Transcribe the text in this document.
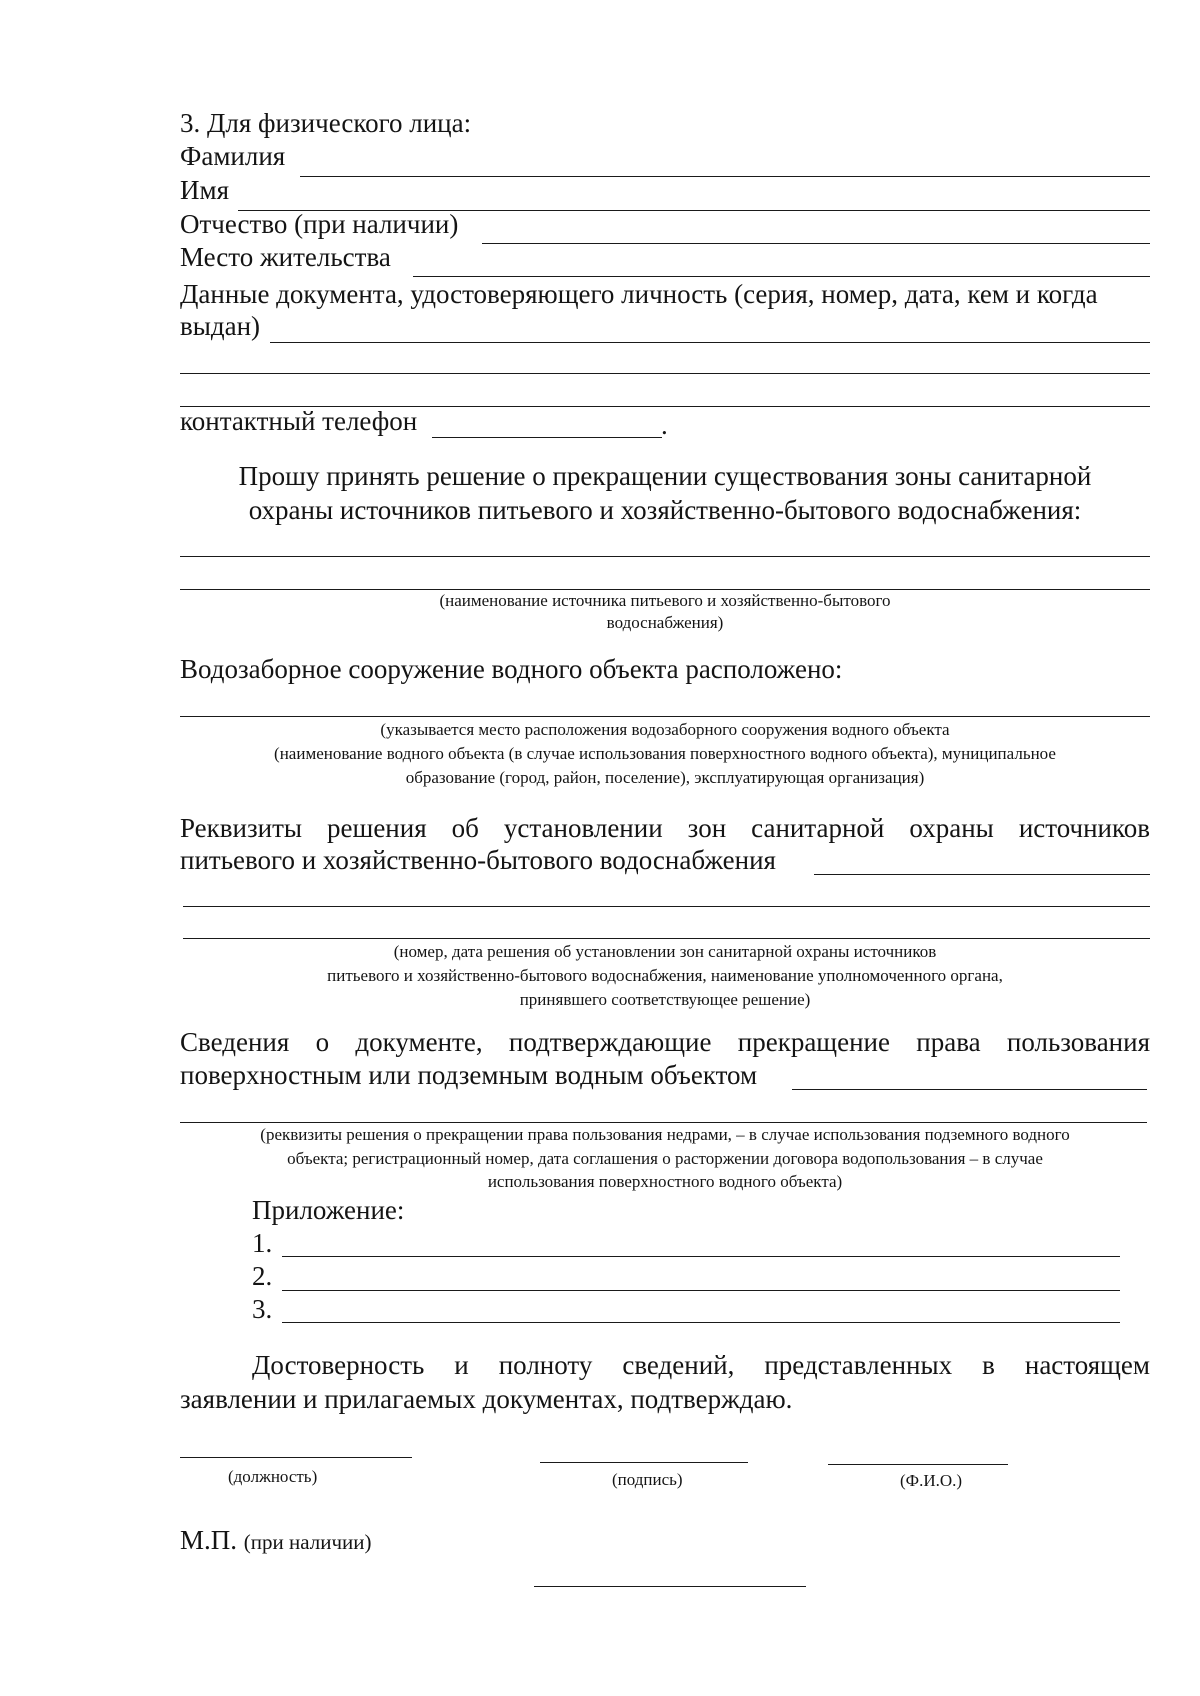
3. Для физического лица:
Фамилия
Имя
Отчество (при наличии)
Место жительства
Данные документа, удостоверяющего личность (серия, номер, дата, кем и когда
выдан)
контактный телефон	.
Прошу принять решение о прекращении существования зоны санитарной
охраны источников питьевого и хозяйственно-бытового водоснабжения:
(наименование источника питьевого и хозяйственно-бытового
водоснабжения)
Водозаборное сооружение водного объекта расположено:
(указывается место расположения водозаборного сооружения водного объекта
(наименование водного объекта (в случае использования поверхностного водного объекта), муниципальное
образование (город, район, поселение), эксплуатирующая организация)
Реквизиты решения об установлении зон санитарной охраны источников
питьевого и хозяйственно-бытового водоснабжения
(номер, дата решения об установлении зон санитарной охраны источников
питьевого и хозяйственно-бытового водоснабжения, наименование уполномоченного органа,
принявшего соответствующее решение)
Сведения о документе, подтверждающие прекращение права пользования
поверхностным или подземным водным объектом
(реквизиты решения о прекращении права пользования недрами, – в случае использования подземного водного
объекта; регистрационный номер, дата соглашения о расторжении договора водопользования – в случае
использования поверхностного водного объекта)
Приложение:
1.
2.
3.
Достоверность и полноту сведений, представленных в настоящем
заявлении и прилагаемых документах, подтверждаю.
(должность)	(подпись)	(Ф.И.О.)
М.П. (при наличии)
